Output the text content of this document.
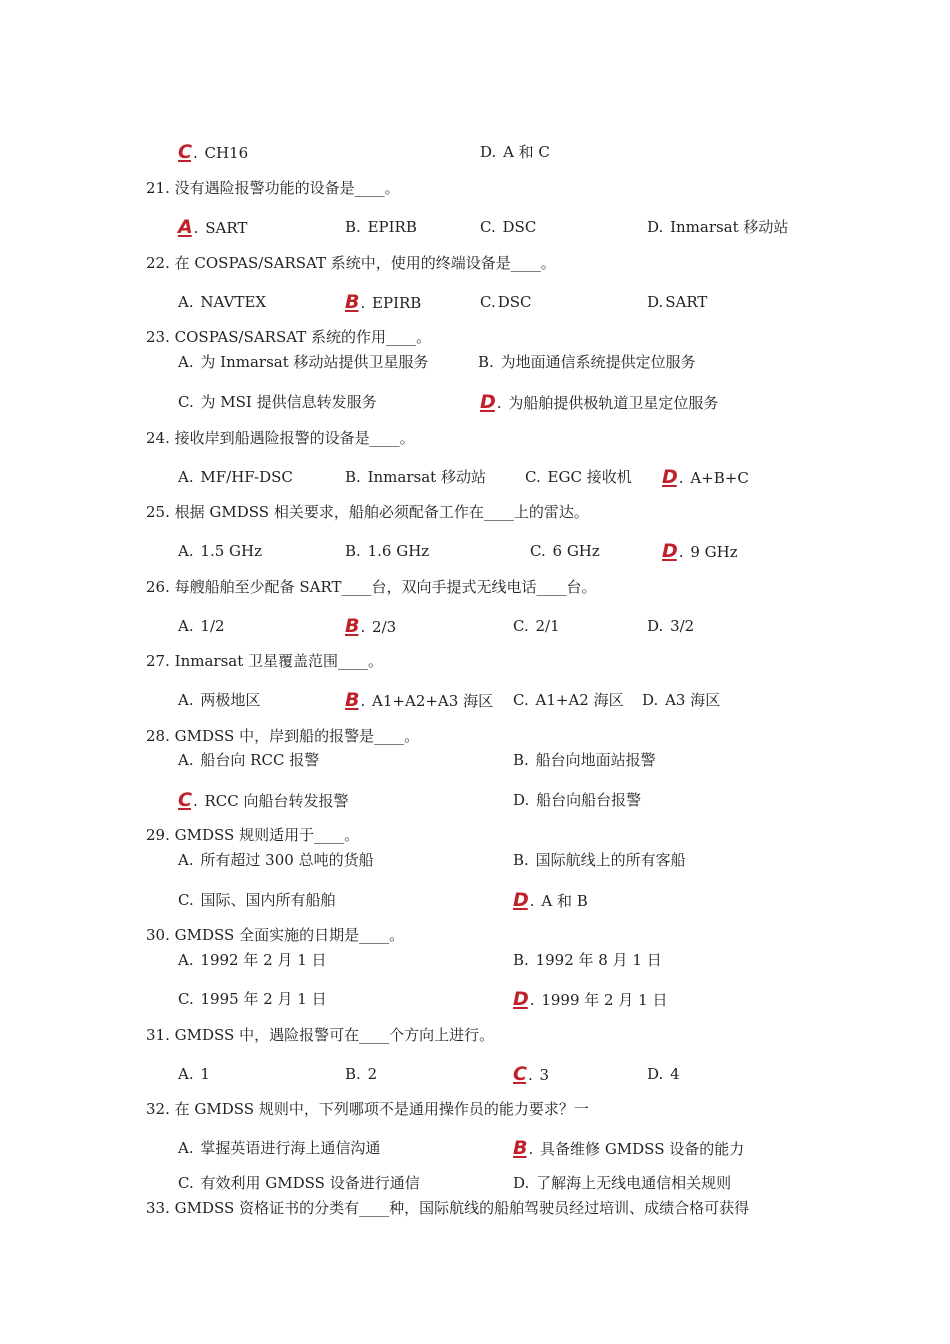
C . CH16	D. A 和 C
21. 没有遇险报警功能的设备是____。
A . SART	B. EPIRB	C. DSC	D. Inmarsat 移动站
22. 在 COSPAS/SARSAT 系统中，使用的终端设备是____。
A. NAVTEX	B . EPIRB	C. DSC	D. SART
23. COSPAS/SARSAT 系统的作用____。
A. 为 Inmarsat 移动站提供卫星服务	B. 为地面通信系统提供定位服务
C. 为 MSI 提供信息转发服务	D . 为船舶提供极轨道卫星定位服务
24. 接收岸到船遇险报警的设备是____。
A. MF/HF-DSC	B. Inmarsat 移动站	C. EGC 接收机 D . A+B+C
25. 根据 GMDSS 相关要求，船舶必须配备工作在____上的雷达。
A. 1.5 GHz	B. 1.6 GHz	C. 6 GHz	D . 9 GHz
26. 每艘船舶至少配备 SART____台，双向手提式无线电话____台。
A. 1/2	B . 2/3	C. 2/1	D. 3/2
27. Inmarsat 卫星覆盖范围____。
A. 两极地区	B . A1+A2+A3 海区 C. A1+A2 海区 D. A3 海区
28. GMDSS 中，岸到船的报警是____。
A. 船台向 RCC 报警	B. 船台向地面站报警
C . RCC 向船台转发报警	D. 船台向船台报警
29. GMDSS 规则适用于____。
A. 所有超过 300 总吨的货船	B. 国际航线上的所有客船
C. 国际、国内所有船舶	D . A 和 B
30. GMDSS 全面实施的日期是____。
A. 1992 年 2 月 1 日	B. 1992 年 8 月 1 日
C. 1995 年 2 月 1 日	D . 1999 年 2 月 1 日
31. GMDSS 中，遇险报警可在____个方向上进行。
A. 1	B. 2	C . 3	D. 4
32. 在 GMDSS 规则中，下列哪项不是通用操作员的能力要求？一
A. 掌握英语进行海上通信沟通	B . 具备维修 GMDSS 设备的能力
C. 有效利用 GMDSS 设备进行通信	D. 了解海上无线电通信相关规则
33. GMDSS 资格证书的分类有____种，国际航线的船舶驾驶员经过培训、成绩合格可获得
